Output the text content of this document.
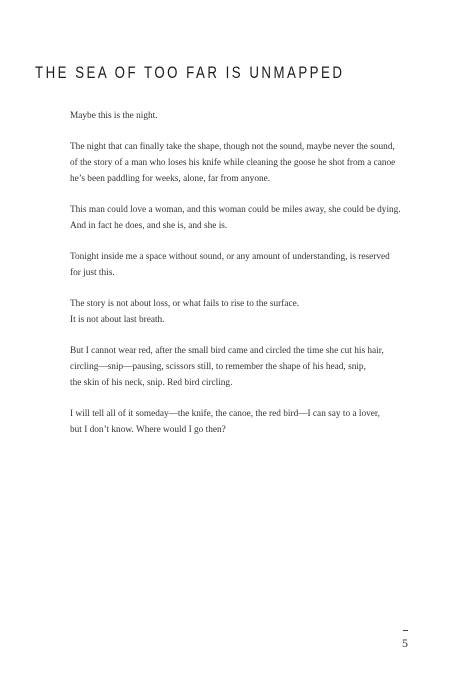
THE SEA OF TOO FAR IS UNMAPPED

Maybe this is the night.

The night that can finally take the shape, though not the sound, maybe never the sound,
of the story of a man who loses his knife while cleaning the goose he shot from a canoe
he’s been paddling for weeks, alone, far from anyone.

This man could love a woman, and this woman could be miles away, she could be dying.
And in fact he does, and she is, and she is.

Tonight inside me a space without sound, or any amount of understanding, is reserved
for just this.

The story is not about loss, or what fails to rise to the surface.
It is not about last breath.

But I cannot wear red, after the small bird came and circled the time she cut his hair,
circling—snip—pausing, scissors still, to remember the shape of his head, snip,
the skin of his neck, snip. Red bird circling.

I will tell all of it someday—the knife, the canoe, the red bird—I can say to a lover,
but I don’t know. Where would I go then?

5
